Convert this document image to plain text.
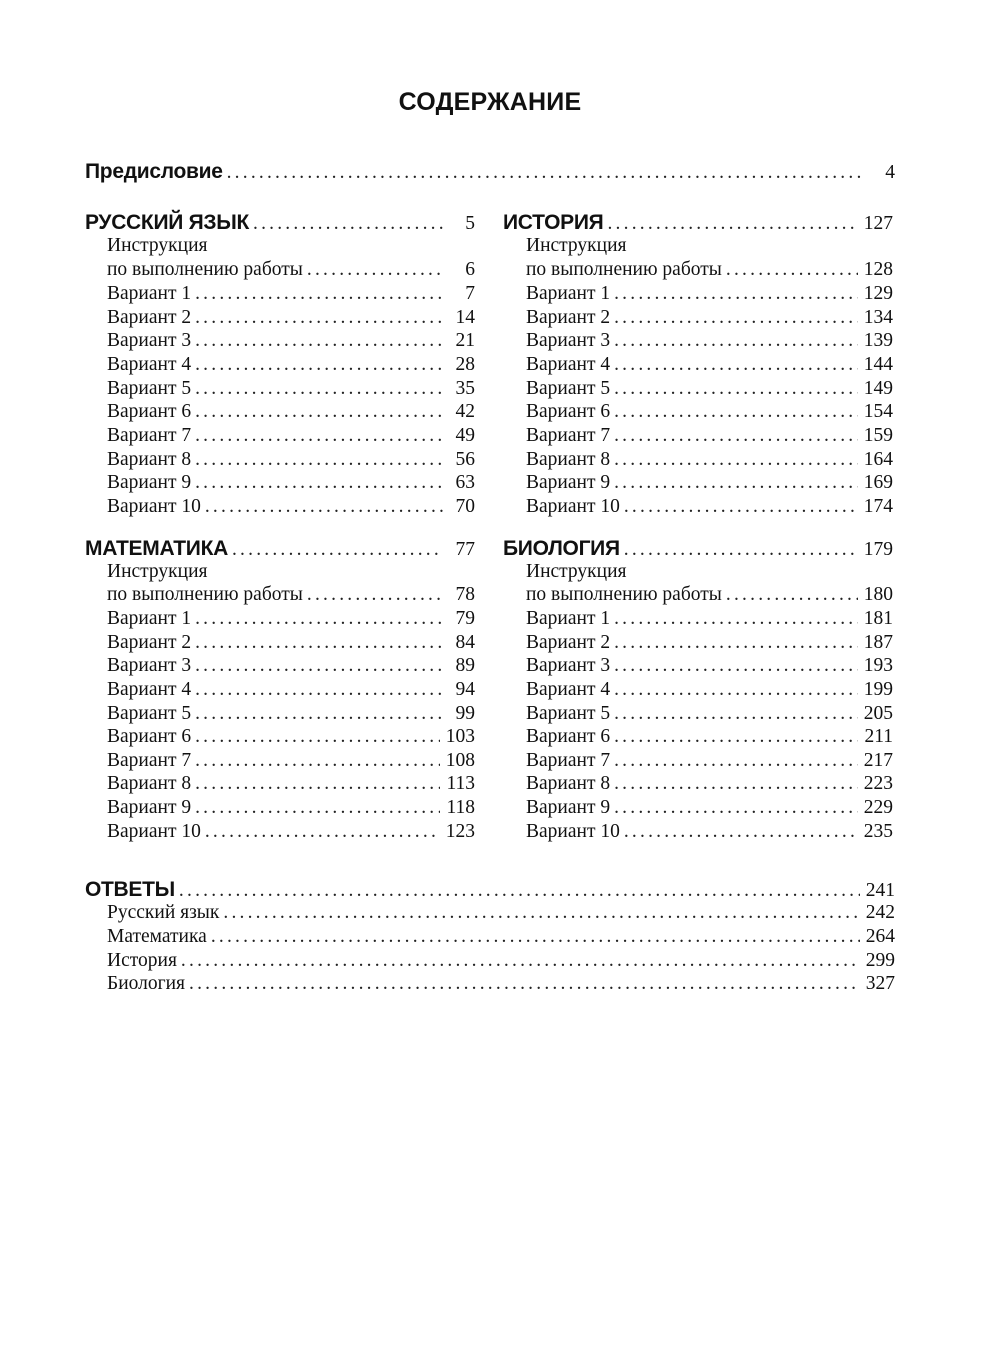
СОДЕРЖАНИЕ
Предисловие .....	4
РУССКИЙ ЯЗЫК .....	5
Инструкция
по выполнению работы .....	6
Вариант 1 .....	7
Вариант 2 .....	14
Вариант 3 .....	21
Вариант 4 .....	28
Вариант 5 .....	35
Вариант 6 .....	42
Вариант 7 .....	49
Вариант 8 .....	56
Вариант 9 .....	63
Вариант 10 .....	70
ИСТОРИЯ .....	127
Инструкция
по выполнению работы .....	128
Вариант 1 .....	129
Вариант 2 .....	134
Вариант 3 .....	139
Вариант 4 .....	144
Вариант 5 .....	149
Вариант 6 .....	154
Вариант 7 .....	159
Вариант 8 .....	164
Вариант 9 .....	169
Вариант 10 .....	174
МАТЕМАТИКА .....	77
Инструкция
по выполнению работы .....	78
Вариант 1 .....	79
Вариант 2 .....	84
Вариант 3 .....	89
Вариант 4 .....	94
Вариант 5 .....	99
Вариант 6 .....	103
Вариант 7 .....	108
Вариант 8 .....	113
Вариант 9 .....	118
Вариант 10 .....	123
БИОЛОГИЯ .....	179
Инструкция
по выполнению работы .....	180
Вариант 1 .....	181
Вариант 2 .....	187
Вариант 3 .....	193
Вариант 4 .....	199
Вариант 5 .....	205
Вариант 6 .....	211
Вариант 7 .....	217
Вариант 8 .....	223
Вариант 9 .....	229
Вариант 10 .....	235
ОТВЕТЫ .....	241
Русский язык .....	242
Математика .....	264
История .....	299
Биология .....	327
